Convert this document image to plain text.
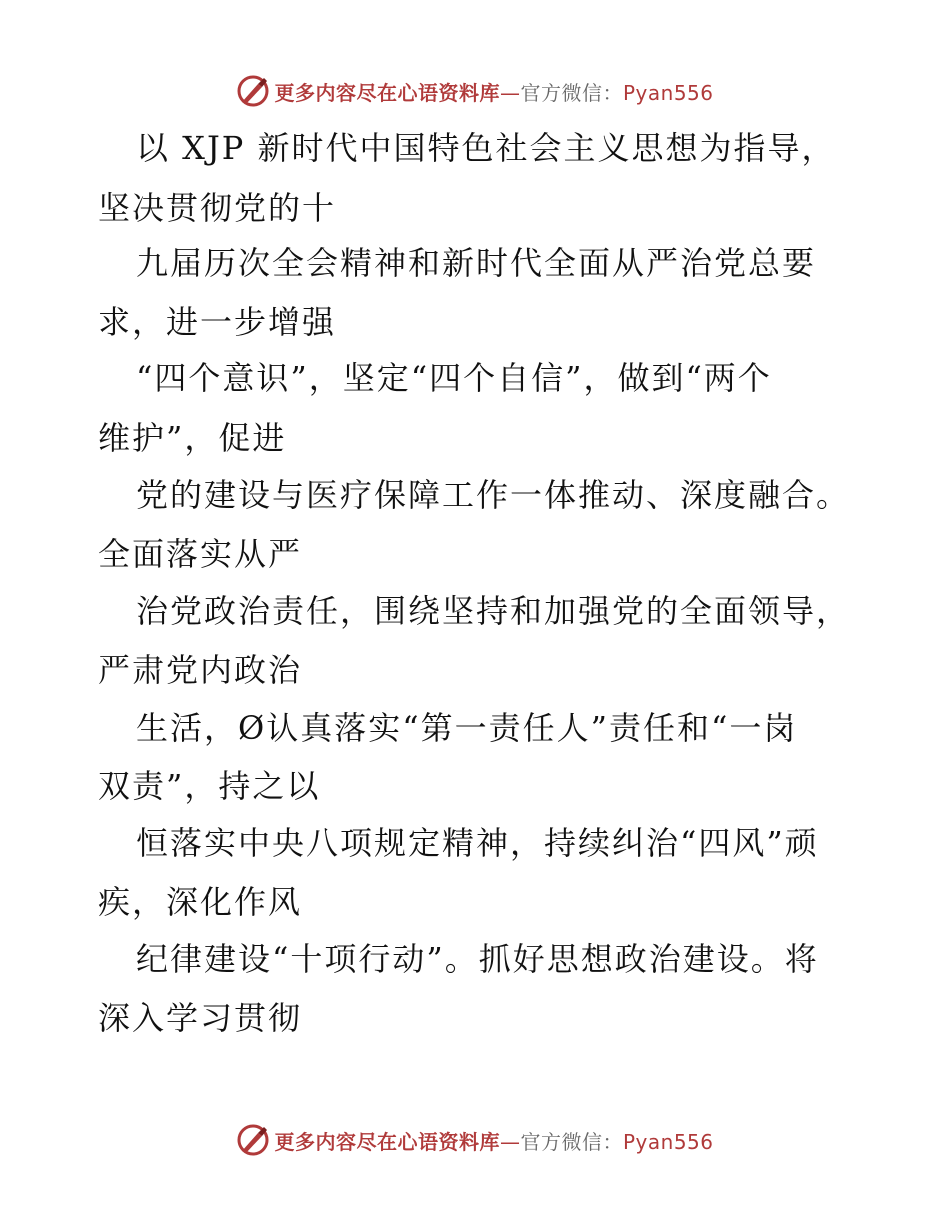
更多内容尽在心语资料库—官方微信：Pyan556
以 XJP 新时代中国特色社会主义思想为指导，
坚决贯彻党的十
九届历次全会精神和新时代全面从严治党总要
求，进一步增强
“四个意识”，坚定“四个自信”，做到“两个
维护”，促进
党的建设与医疗保障工作一体推动、深度融合。
全面落实从严
治党政治责任，围绕坚持和加强党的全面领导，
严肃党内政治
生活，Ø认真落实“第一责任人”责任和“一岗
双责”，持之以
恒落实中央八项规定精神，持续纠治“四风”顽
疾，深化作风
纪律建设“十项行动”。抓好思想政治建设。将
深入学习贯彻
更多内容尽在心语资料库—官方微信：Pyan556
